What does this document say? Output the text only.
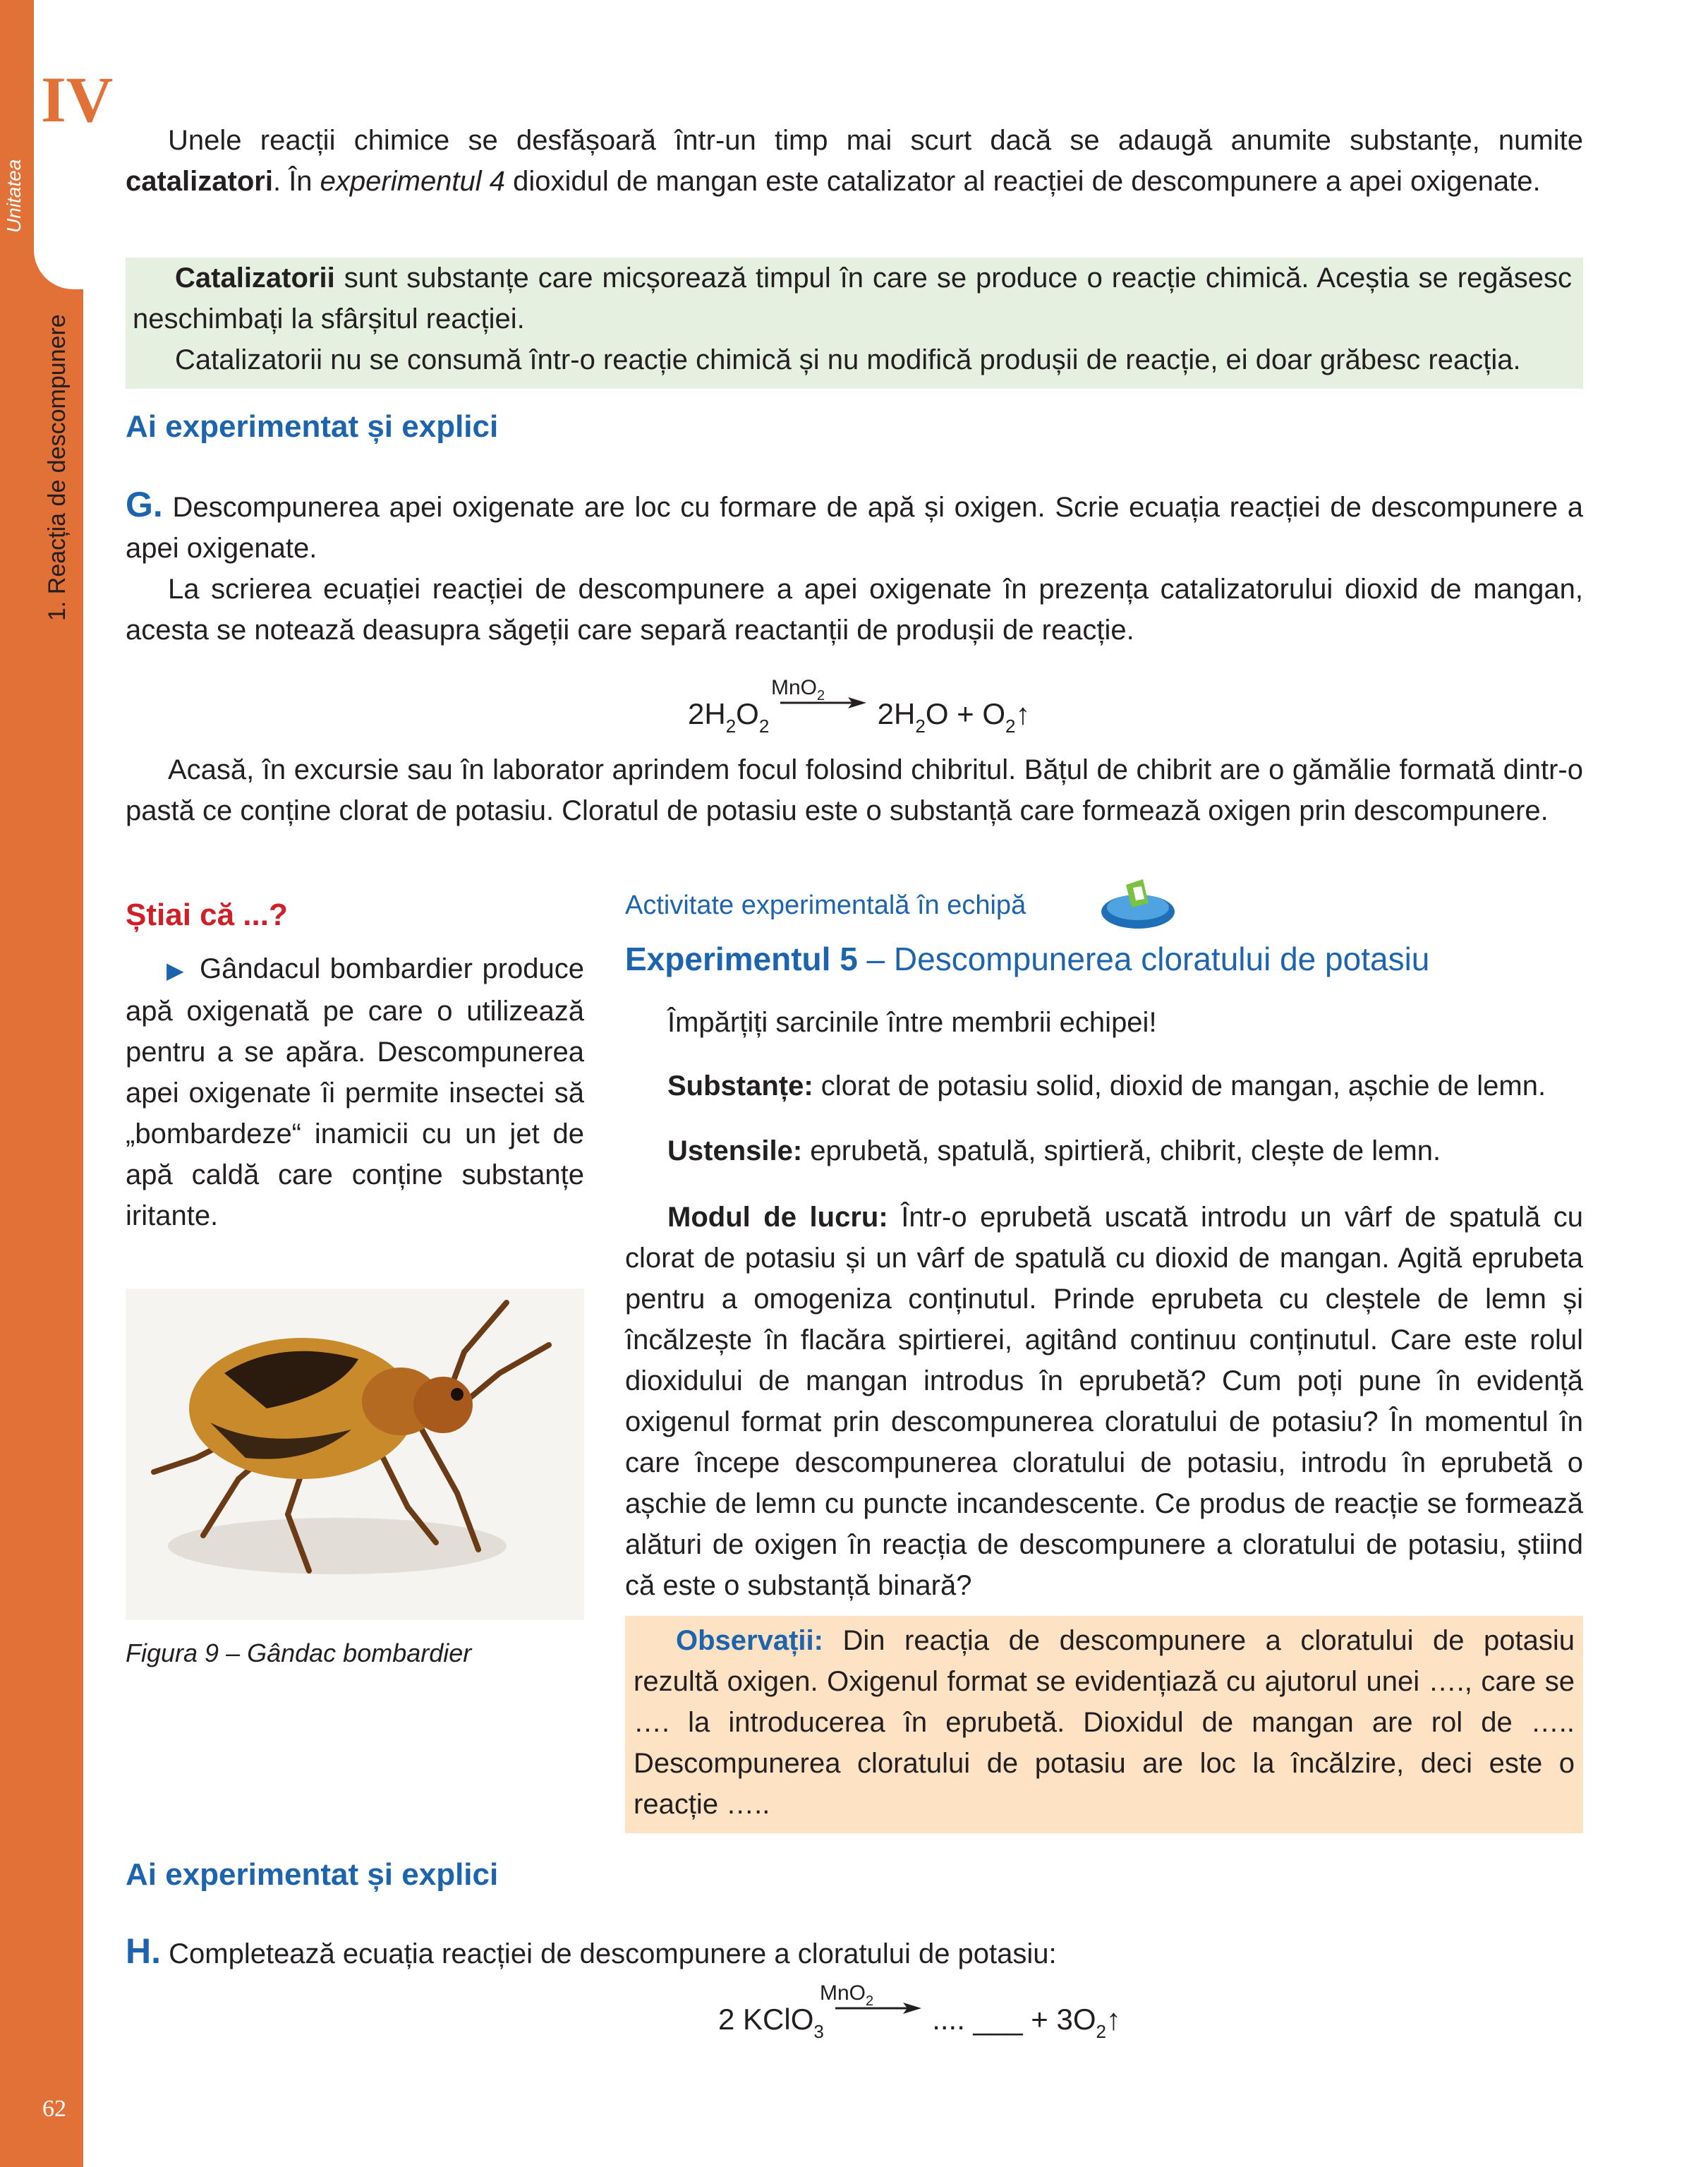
IV
Unitatea
1. Reacția de descompunere
62

Unele reacții chimice se desfășoară într-un timp mai scurt dacă se adaugă anumite substanțe, numite catalizatori. În experimentul 4 dioxidul de mangan este catalizator al reacției de descompunere a apei oxigenate.

Catalizatorii sunt substanțe care micșorează timpul în care se produce o reacție chimică. Aceștia se regăsesc neschimbați la sfârșitul reacției.

Catalizatorii nu se consumă într-o reacție chimică și nu modifică produșii de reacție, ei doar grăbesc reacția.

Ai experimentat și explici

G. Descompunerea apei oxigenate are loc cu formare de apă și oxigen. Scrie ecuația reacției de descompunere a apei oxigenate.

La scrierea ecuației reacției de descompunere a apei oxigenate în prezența catalizatorului dioxid de mangan, acesta se notează deasupra săgeții care separă reactanții de produșii de reacție.

$2H_2O_2$	$2H_2O$ + $O_2↑$
MnO$_2$

Acasă, în excursie sau în laborator aprindem focul folosind chibritul. Bățul de chibrit are o gămălie formată dintr-o pastă ce conține clorat de potasiu. Cloratul de potasiu este o substanță care formează oxigen prin descompunere.

Știai că ...?

▶ Gândacul bombardier produce apă oxigenată pe care o utilizează pentru a se apăra. Descompunerea apei oxigenate îi permite insectei să „bombardeze“ inamicii cu un jet de apă caldă care conține substanțe iritante.

Figura 9 – Gândac bombardier
Activitate experimentală în echipă
Experimentul 5 – Descompunerea cloratului de potasiu

Împărțiți sarcinile între membrii echipei!

Substanțe: clorat de potasiu solid, dioxid de mangan, așchie de lemn.

Ustensile: eprubetă, spatulă, spirtieră, chibrit, clește de lemn.

Modul de lucru: Într-o eprubetă uscată introdu un vârf de spatulă cu clorat de potasiu și un vârf de spatulă cu dioxid de mangan. Agită eprubeta pentru a omogeniza conținutul. Prinde eprubeta cu cleștele de lemn și încălzește în flacăra spirtierei, agitând continuu conținutul. Care este rolul dioxidului de mangan introdus în eprubetă? Cum poți pune în evidență oxigenul format prin descompunerea cloratului de potasiu? În momentul în care începe descompunerea cloratului de potasiu, introdu în eprubetă o așchie de lemn cu puncte incandescente. Ce produs de reacție se formează alături de oxigen în reacția de descompunere a cloratului de potasiu, știind că este o substanță binară?

Observații: Din reacția de descompunere a cloratului de potasiu rezultă oxigen. Oxigenul format se evidențiază cu ajutorul unei …., care se …. la introducerea în eprubetă. Dioxidul de mangan are rol de ….. Descompunerea cloratului de potasiu are loc la încălzire, deci este o reacție …..

Ai experimentat și explici

H. Completează ecuația reacției de descompunere a cloratului de potasiu:

2 KClO$_3$	.... ___ + $3O_2↑$
MnO$_2$
